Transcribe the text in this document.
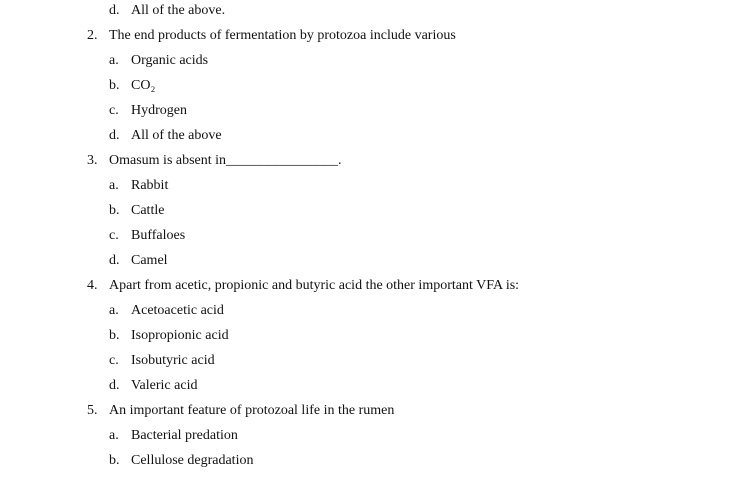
d. All of the above.
2. The end products of fermentation by protozoa include various
a. Organic acids
b. CO₂
c. Hydrogen
d. All of the above
3. Omasum is absent in________________.
a. Rabbit
b. Cattle
c. Buffaloes
d. Camel
4. Apart from acetic, propionic and butyric acid the other important VFA is:
a. Acetoacetic acid
b. Isopropionic acid
c. Isobutyric acid
d. Valeric acid
5. An important feature of protozoal life in the rumen
a. Bacterial predation
b. Cellulose degradation
